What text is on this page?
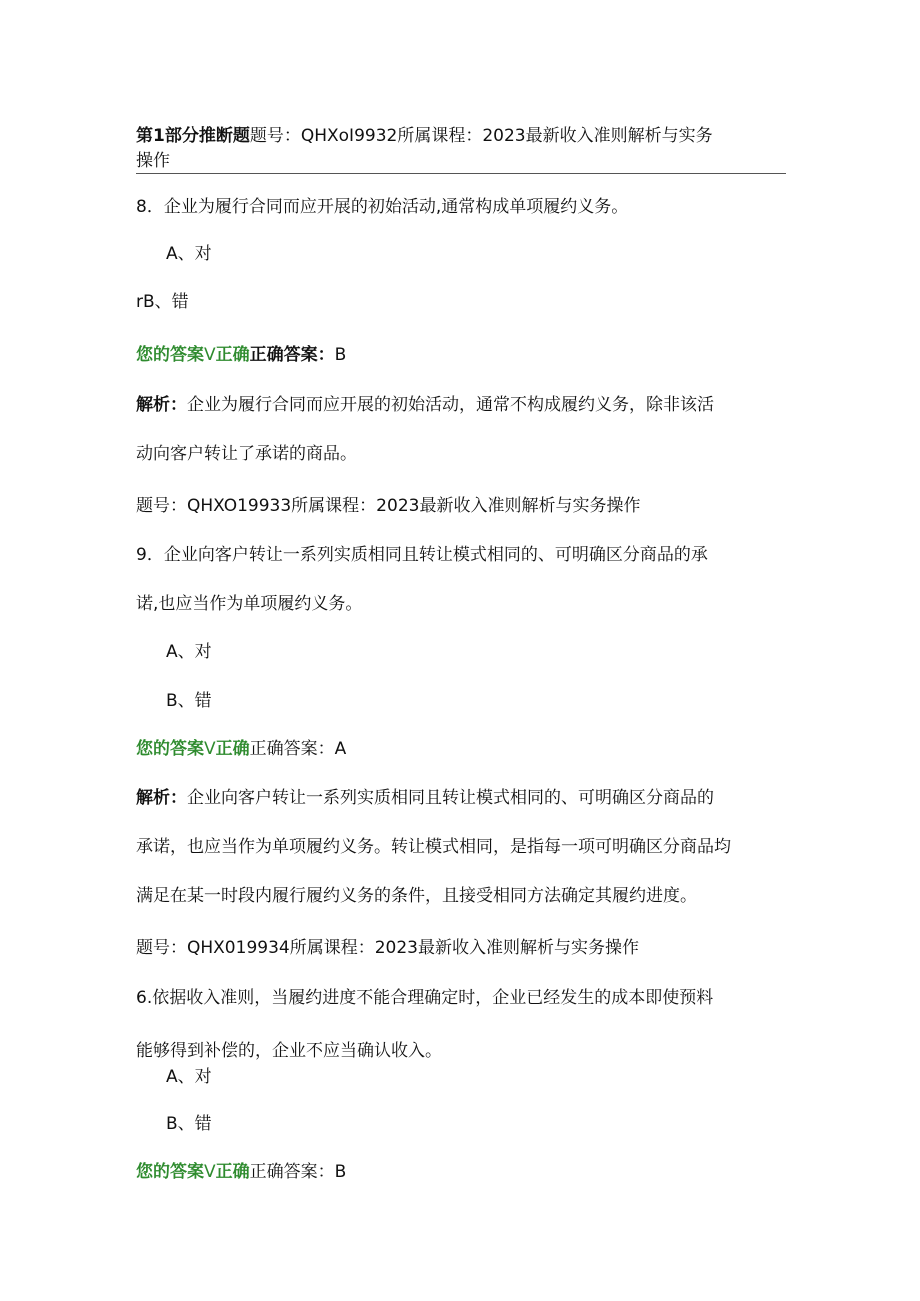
第1部分推断题题号：QHXoI9932所属课程：2023最新收入准则解析与实务
操作
8．企业为履行合同而应开展的初始活动,通常构成单项履约义务。
A、对
rB、错
您的答案V正确正确答案：B
解析：企业为履行合同而应开展的初始活动，通常不构成履约义务，除非该活
动向客户转让了承诺的商品。
题号：QHXO19933所属课程：2023最新收入准则解析与实务操作
9．企业向客户转让一系列实质相同且转让模式相同的、可明确区分商品的承
诺,也应当作为单项履约义务。
A、对
B、错
您的答案V正确正确答案：A
解析：企业向客户转让一系列实质相同且转让模式相同的、可明确区分商品的
承诺，也应当作为单项履约义务。转让模式相同，是指每一项可明确区分商品均
满足在某一时段内履行履约义务的条件，且接受相同方法确定其履约进度。
题号：QHX019934所属课程：2023最新收入准则解析与实务操作
6.依据收入准则，当履约进度不能合理确定时，企业已经发生的成本即使预料
能够得到补偿的，企业不应当确认收入。
A、对
B、错
您的答案V正确正确答案：B
